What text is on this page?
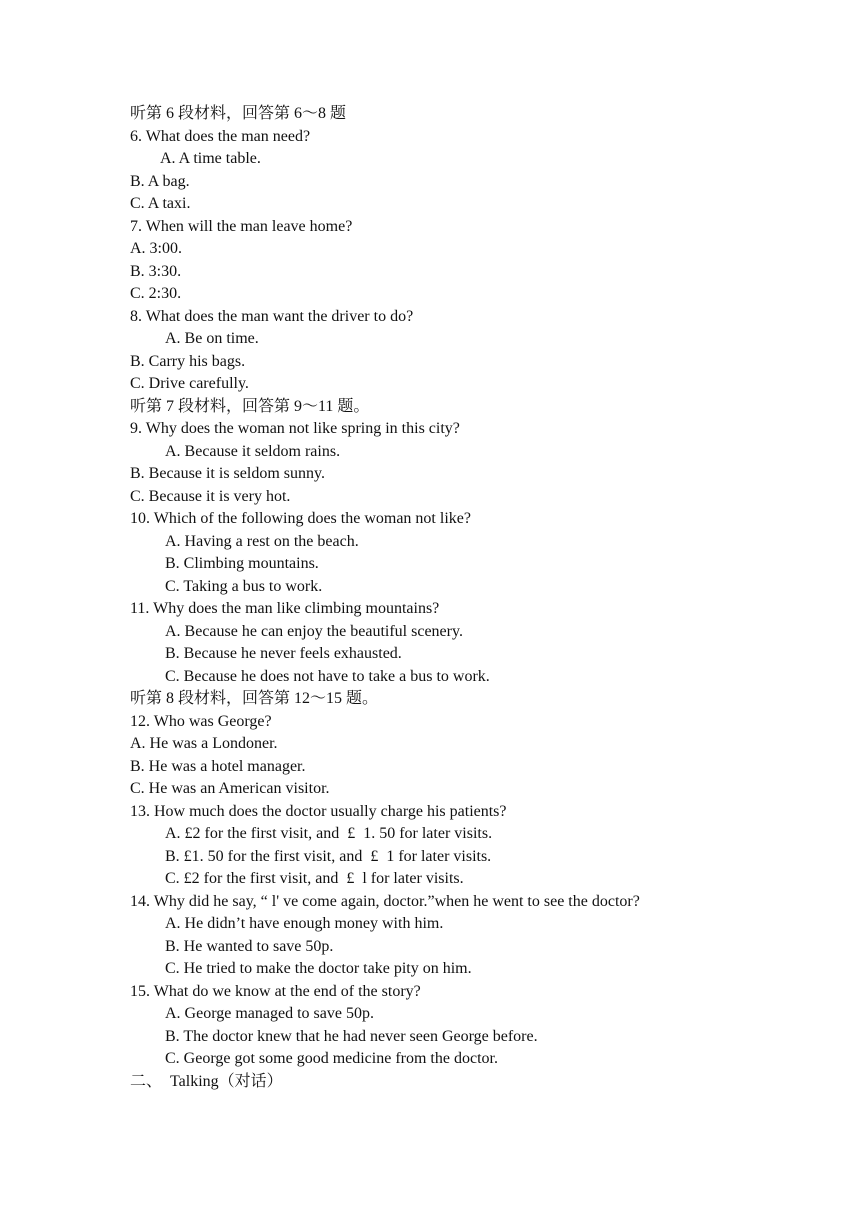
听第 6 段材料，回答第 6～8 题
6. What does the man need?
A. A time table.
B. A bag.
C. A taxi.
7. When will the man leave home?
A. 3:00.
B. 3:30.
C. 2:30.
8. What does the man want the driver to do?
A. Be on time.
B. Carry his bags.
C. Drive carefully.
听第 7 段材料，回答第 9～11 题。
9. Why does the woman not like spring in this city?
A. Because it seldom rains.
B. Because it is seldom sunny.
C. Because it is very hot.
10. Which of the following does the woman not like?
A. Having a rest on the beach.
B. Climbing mountains.
C. Taking a bus to work.
11. Why does the man like climbing mountains?
A. Because he can enjoy the beautiful scenery.
B. Because he never feels exhausted.
C. Because he does not have to take a bus to work.
听第 8 段材料，回答第 12～15 题。
12. Who was George?
A. He was a Londoner.
B. He was a hotel manager.
C. He was an American visitor.
13. How much does the doctor usually charge his patients?
A. £2 for the first visit, and  £  1. 50 for later visits.
B. £1. 50 for the first visit, and  £  1 for later visits.
C. £2 for the first visit, and  £  l for later visits.
14. Why did he say, “ l' ve come again, doctor.”when he went to see the doctor?
A. He didn’t have enough money with him.
B. He wanted to save 50p.
C. He tried to make the doctor take pity on him.
15. What do we know at the end of the story?
A. George managed to save 50p.
B. The doctor knew that he had never seen George before.
C. George got some good medicine from the doctor.
二、  Talking（对话）
